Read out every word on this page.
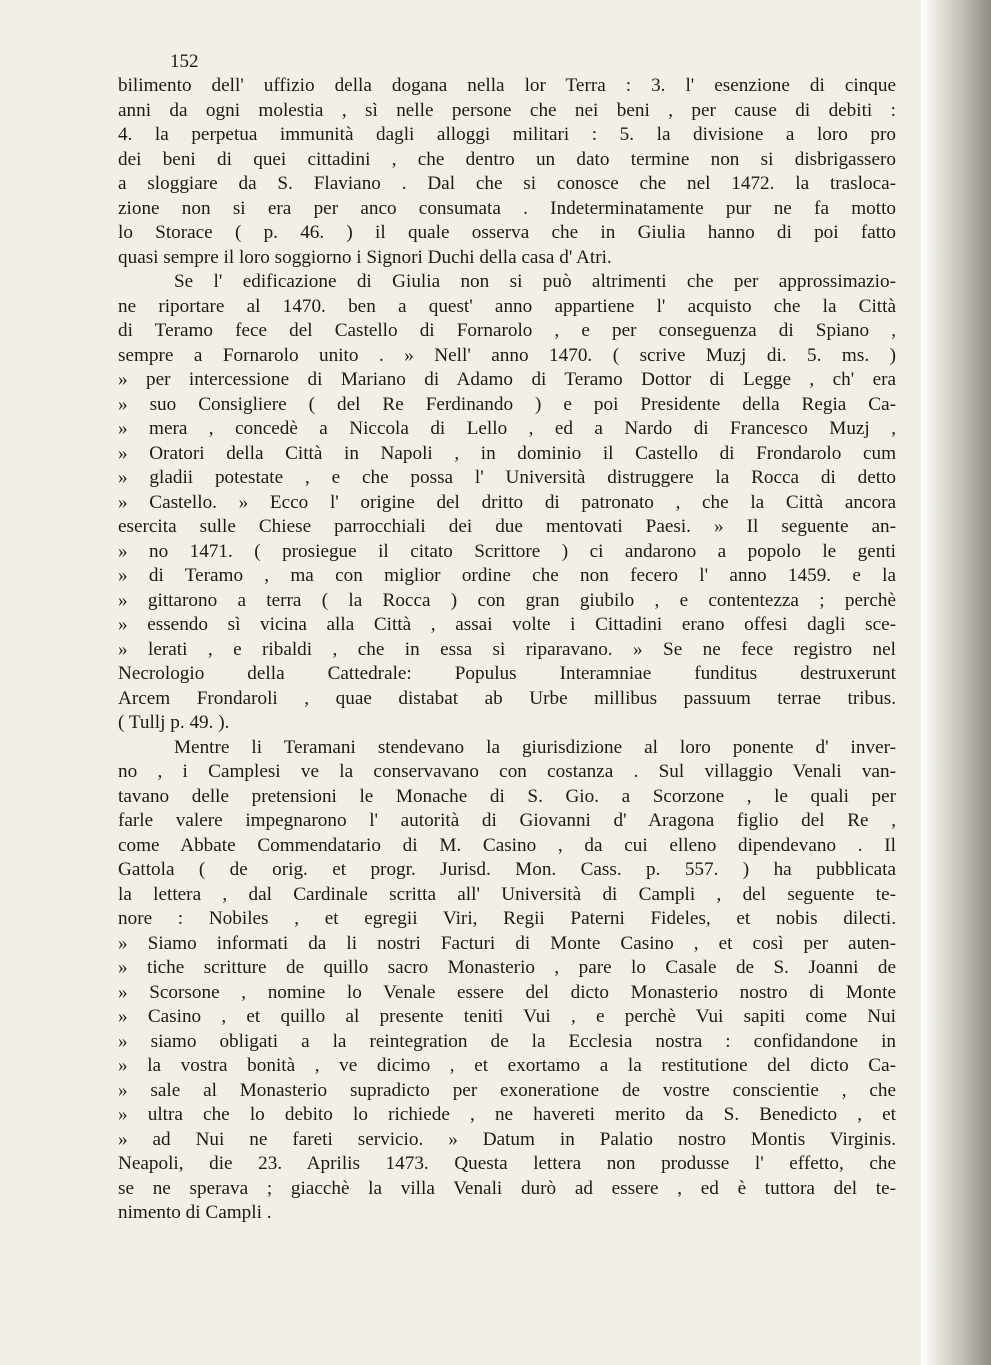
152
bilimento dell' uffizio della dogana nella lor Terra : 3. l' esenzione di cinque
anni da ogni molestia , sì nelle persone che nei beni , per cause di debiti :
4. la perpetua immunità dagli alloggi militari : 5. la divisione a loro pro
dei beni di quei cittadini , che dentro un dato termine non si disbrigassero
a sloggiare da S. Flaviano . Dal che si conosce che nel 1472. la trasloca-
zione non si era per anco consumata . Indeterminatamente pur ne fa motto
lo Storace ( p. 46. ) il quale osserva che in Giulia hanno di poi fatto
quasi sempre il loro soggiorno i Signori Duchi della casa d' Atri.
Se l' edificazione di Giulia non si può altrimenti che per approssimazio-
ne riportare al 1470. ben a quest' anno appartiene l' acquisto che la Città
di Teramo fece del Castello di Fornarolo , e per conseguenza di Spiano ,
sempre a Fornarolo unito . » Nell' anno 1470. ( scrive Muzj di. 5. ms. )
» per intercessione di Mariano di Adamo di Teramo Dottor di Legge , ch' era
» suo Consigliere ( del Re Ferdinando ) e poi Presidente della Regia Ca-
» mera , concedè a Niccola di Lello , ed a Nardo di Francesco Muzj ,
» Oratori della Città in Napoli , in dominio il Castello di Frondarolo cum
» gladii potestate , e che possa l' Università distruggere la Rocca di detto
» Castello. » Ecco l' origine del dritto di patronato , che la Città ancora
esercita sulle Chiese parrocchiali dei due mentovati Paesi. » Il seguente an-
» no 1471. ( prosiegue il citato Scrittore ) ci andarono a popolo le genti
» di Teramo , ma con miglior ordine che non fecero l' anno 1459. e la
» gittarono a terra ( la Rocca ) con gran giubilo , e contentezza ; perchè
» essendo sì vicina alla Città , assai volte i Cittadini erano offesi dagli sce-
» lerati , e ribaldi , che in essa si riparavano. » Se ne fece registro nel
Necrologio della Cattedrale: Populus Interamniae funditus destruxerunt
Arcem Frondaroli , quae distabat ab Urbe millibus passuum terrae tribus.
( Tullj p. 49. ).
Mentre li Teramani stendevano la giurisdizione al loro ponente d' inver-
no , i Camplesi ve la conservavano con costanza . Sul villaggio Venali van-
tavano delle pretensioni le Monache di S. Gio. a Scorzone , le quali per
farle valere impegnarono l' autorità di Giovanni d' Aragona figlio del Re ,
come Abbate Commendatario di M. Casino , da cui elleno dipendevano . Il
Gattola ( de orig. et progr. Jurisd. Mon. Cass. p. 557. ) ha pubblicata
la lettera , dal Cardinale scritta all' Università di Campli , del seguente te-
nore : Nobiles , et egregii Viri, Regii Paterni Fideles, et nobis dilecti.
» Siamo informati da li nostri Facturi di Monte Casino , et così per auten-
» tiche scritture de quillo sacro Monasterio , pare lo Casale de S. Joanni de
» Scorsone , nomine lo Venale essere del dicto Monasterio nostro di Monte
» Casino , et quillo al presente teniti Vui , e perchè Vui sapiti come Nui
» siamo obligati a la reintegration de la Ecclesia nostra : confidandone in
» la vostra bonità , ve dicimo , et exortamo a la restitutione del dicto Ca-
» sale al Monasterio supradicto per exoneratione de vostre conscientie , che
» ultra che lo debito lo richiede , ne havereti merito da S. Benedicto , et
» ad Nui ne fareti servicio. » Datum in Palatio nostro Montis Virginis.
Neapoli, die 23. Aprilis 1473. Questa lettera non produsse l' effetto, che
se ne sperava ; giacchè la villa Venali durò ad essere , ed è tuttora del te-
nimento di Campli .
